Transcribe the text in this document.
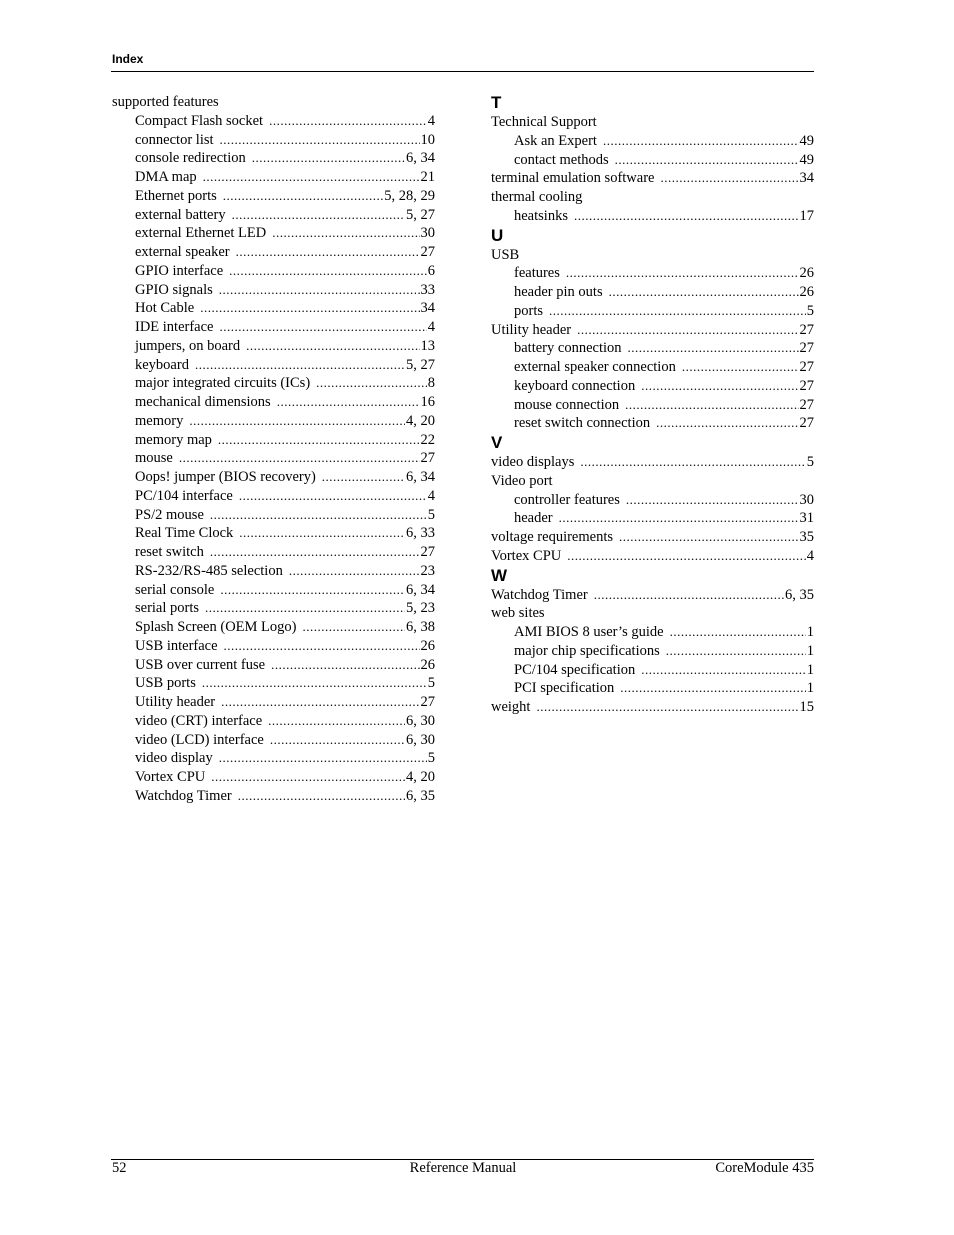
Index
supported features
Compact Flash socket .....	4
connector list .....	10
console redirection .....	6, 34
DMA map .....	21
Ethernet ports .....	5, 28, 29
external battery .....	5, 27
external Ethernet LED .....	30
external speaker .....	27
GPIO interface .....	6
GPIO signals .....	33
Hot Cable .....	34
IDE interface .....	4
jumpers, on board .....	13
keyboard .....	5, 27
major integrated circuits (ICs) .....	8
mechanical dimensions .....	16
memory .....	4, 20
memory map .....	22
mouse .....	27
Oops! jumper (BIOS recovery) .....	6, 34
PC/104 interface .....	4
PS/2 mouse .....	5
Real Time Clock .....	6, 33
reset switch .....	27
RS-232/RS-485 selection .....	23
serial console .....	6, 34
serial ports .....	5, 23
Splash Screen (OEM Logo) .....	6, 38
USB interface .....	26
USB over current fuse .....	26
USB ports .....	5
Utility header .....	27
video (CRT) interface .....	6, 30
video (LCD) interface .....	6, 30
video display .....	5
Vortex CPU .....	4, 20
Watchdog Timer .....	6, 35
T
Technical Support
Ask an Expert .....	49
contact methods .....	49
terminal emulation software .....	34
thermal cooling
heatsinks .....	17
U
USB
features .....	26
header pin outs .....	26
ports .....	5
Utility header .....	27
battery connection .....	27
external speaker connection .....	27
keyboard connection .....	27
mouse connection .....	27
reset switch connection .....	27
V
video displays .....	5
Video port
controller features .....	30
header .....	31
voltage requirements .....	35
Vortex CPU .....	4
W
Watchdog Timer .....	6, 35
web sites
AMI BIOS 8 user’s guide .....	1
major chip specifications .....	1
PC/104 specification .....	1
PCI specification .....	1
weight .....	15
52	Reference Manual	CoreModule 435
